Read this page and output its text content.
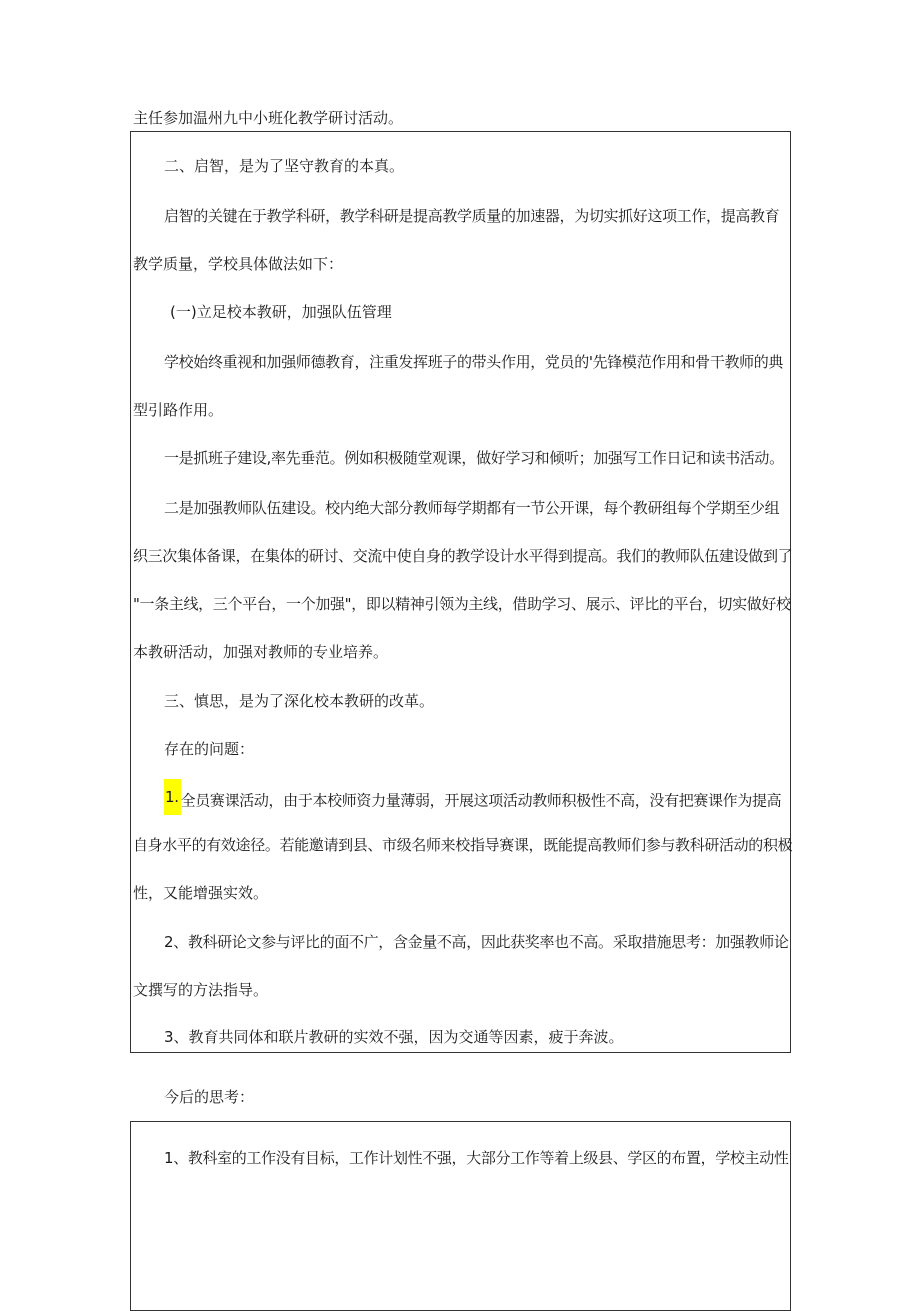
主任参加温州九中小班化教学研讨活动。
二、启智，是为了坚守教育的本真。
启智的关键在于教学科研，教学科研是提高教学质量的加速器，为切实抓好这项工作，提高教育
教学质量，学校具体做法如下：
(一)立足校本教研，加强队伍管理
学校始终重视和加强师德教育，注重发挥班子的带头作用，党员的'先锋模范作用和骨干教师的典
型引路作用。
一是抓班子建设,率先垂范。例如积极随堂观课，做好学习和倾听；加强写工作日记和读书活动。
二是加强教师队伍建设。校内绝大部分教师每学期都有一节公开课，每个教研组每个学期至少组
织三次集体备课，在集体的研讨、交流中使自身的教学设计水平得到提高。我们的教师队伍建设做到了
"一条主线，三个平台，一个加强"，即以精神引领为主线，借助学习、展示、评比的平台，切实做好校
本教研活动，加强对教师的专业培养。
三、慎思，是为了深化校本教研的改革。
存在的问题：
1. 全员赛课活动，由于本校师资力量薄弱，开展这项活动教师积极性不高，没有把赛课作为提高
自身水平的有效途径。若能邀请到县、市级名师来校指导赛课，既能提高教师们参与教科研活动的积极
性，又能增强实效。
2、教科研论文参与评比的面不广，含金量不高，因此获奖率也不高。采取措施思考：加强教师论
文撰写的方法指导。
3、教育共同体和联片教研的实效不强，因为交通等因素，疲于奔波。
今后的思考：
1、教科室的工作没有目标，工作计划性不强，大部分工作等着上级县、学区的布置，学校主动性
